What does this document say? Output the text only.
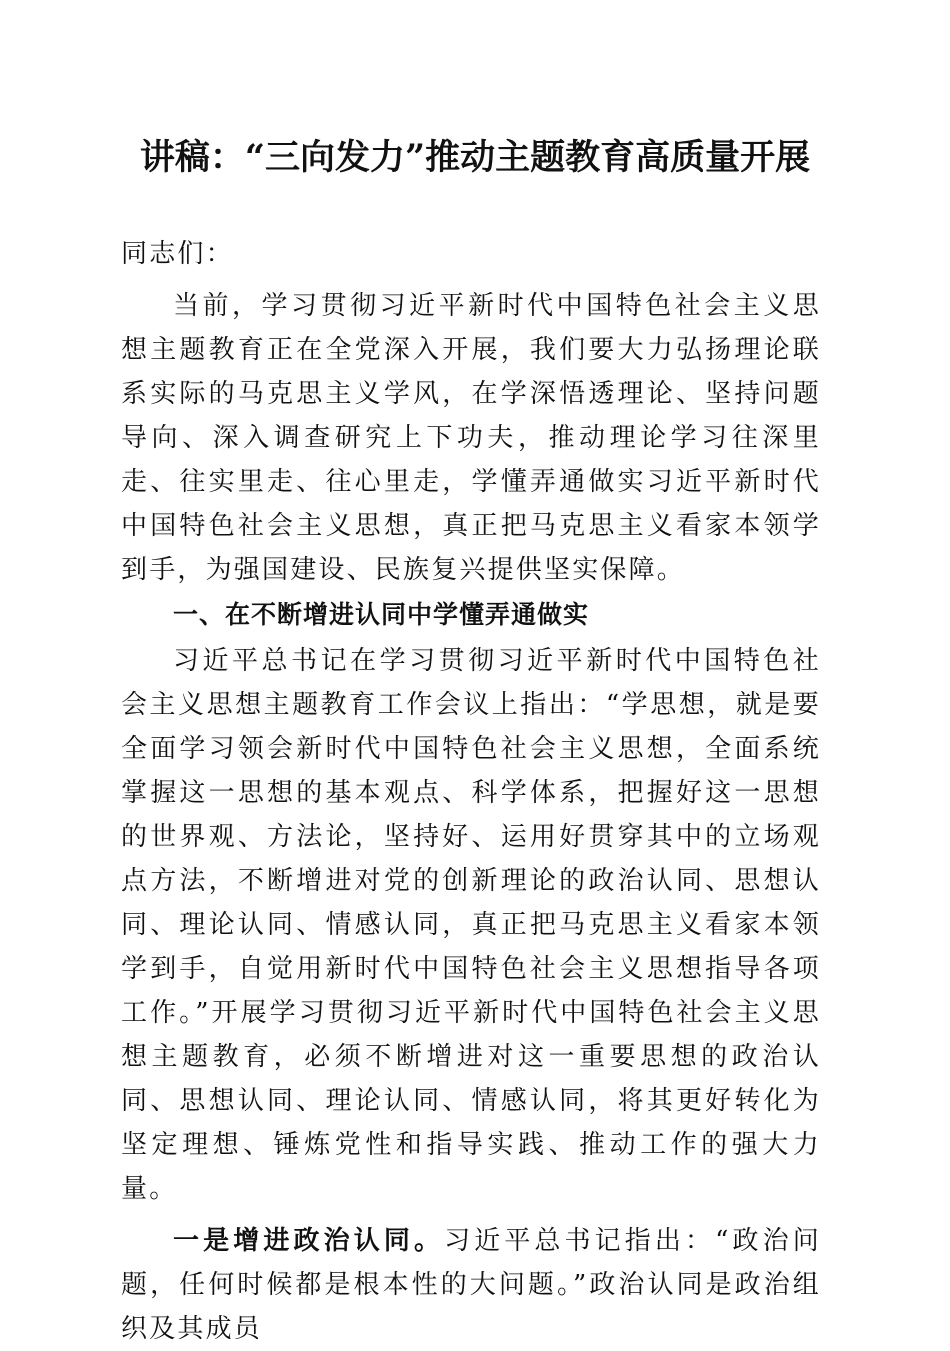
讲稿：“三向发力”推动主题教育高质量开展

同志们：

当前，学习贯彻习近平新时代中国特色社会主义思想主题教育正在全党深入开展，我们要大力弘扬理论联系实际的马克思主义学风，在学深悟透理论、坚持问题导向、深入调查研究上下功夫，推动理论学习往深里走、往实里走、往心里走，学懂弄通做实习近平新时代中国特色社会主义思想，真正把马克思主义看家本领学到手，为强国建设、民族复兴提供坚实保障。

一、在不断增进认同中学懂弄通做实

习近平总书记在学习贯彻习近平新时代中国特色社会主义思想主题教育工作会议上指出：“学思想，就是要全面学习领会新时代中国特色社会主义思想，全面系统掌握这一思想的基本观点、科学体系，把握好这一思想的世界观、方法论，坚持好、运用好贯穿其中的立场观点方法，不断增进对党的创新理论的政治认同、思想认同、理论认同、情感认同，真正把马克思主义看家本领学到手，自觉用新时代中国特色社会主义思想指导各项工作。”开展学习贯彻习近平新时代中国特色社会主义思想主题教育，必须不断增进对这一重要思想的政治认同、思想认同、理论认同、情感认同，将其更好转化为坚定理想、锤炼党性和指导实践、推动工作的强大力量。

一是增进政治认同。习近平总书记指出：“政治问题，任何时候都是根本性的大问题。”政治认同是政治组织及其成员
